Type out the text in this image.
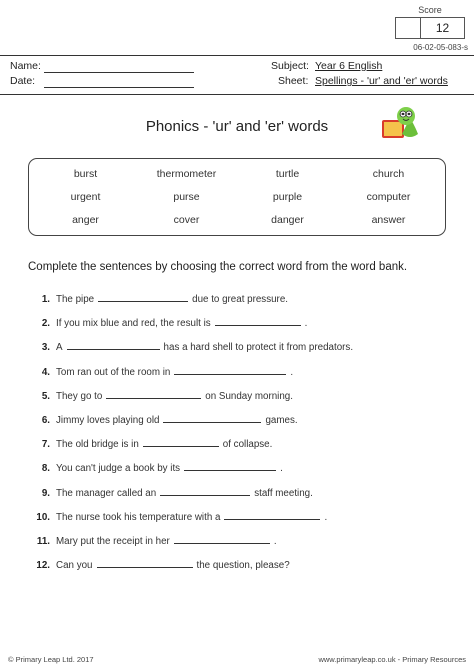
Score
12
06-02-05-083-s
Name:
Date:
Subject: Year 6 English
Sheet: Spellings - 'ur' and 'er' words
Phonics - 'ur' and 'er' words
burst	thermometer	turtle	church
urgent	purse	purple	computer
anger	cover	danger	answer
Complete the sentences by choosing the correct word from the word bank.
1. The pipe	due to great pressure.
2. If you mix blue and red, the result is	.
3. A	has a hard shell to protect it from predators.
4. Tom ran out of the room in	.
5. They go to	on Sunday morning.
6. Jimmy loves playing old	games.
7. The old bridge is in	of collapse.
8. You can't judge a book by its	.
9. The manager called an	staff meeting.
10. The nurse took his temperature with a	.
11. Mary put the receipt in her	.
12. Can you	the question, please?
© Primary Leap Ltd. 2017	www.primaryleap.co.uk - Primary Resources
